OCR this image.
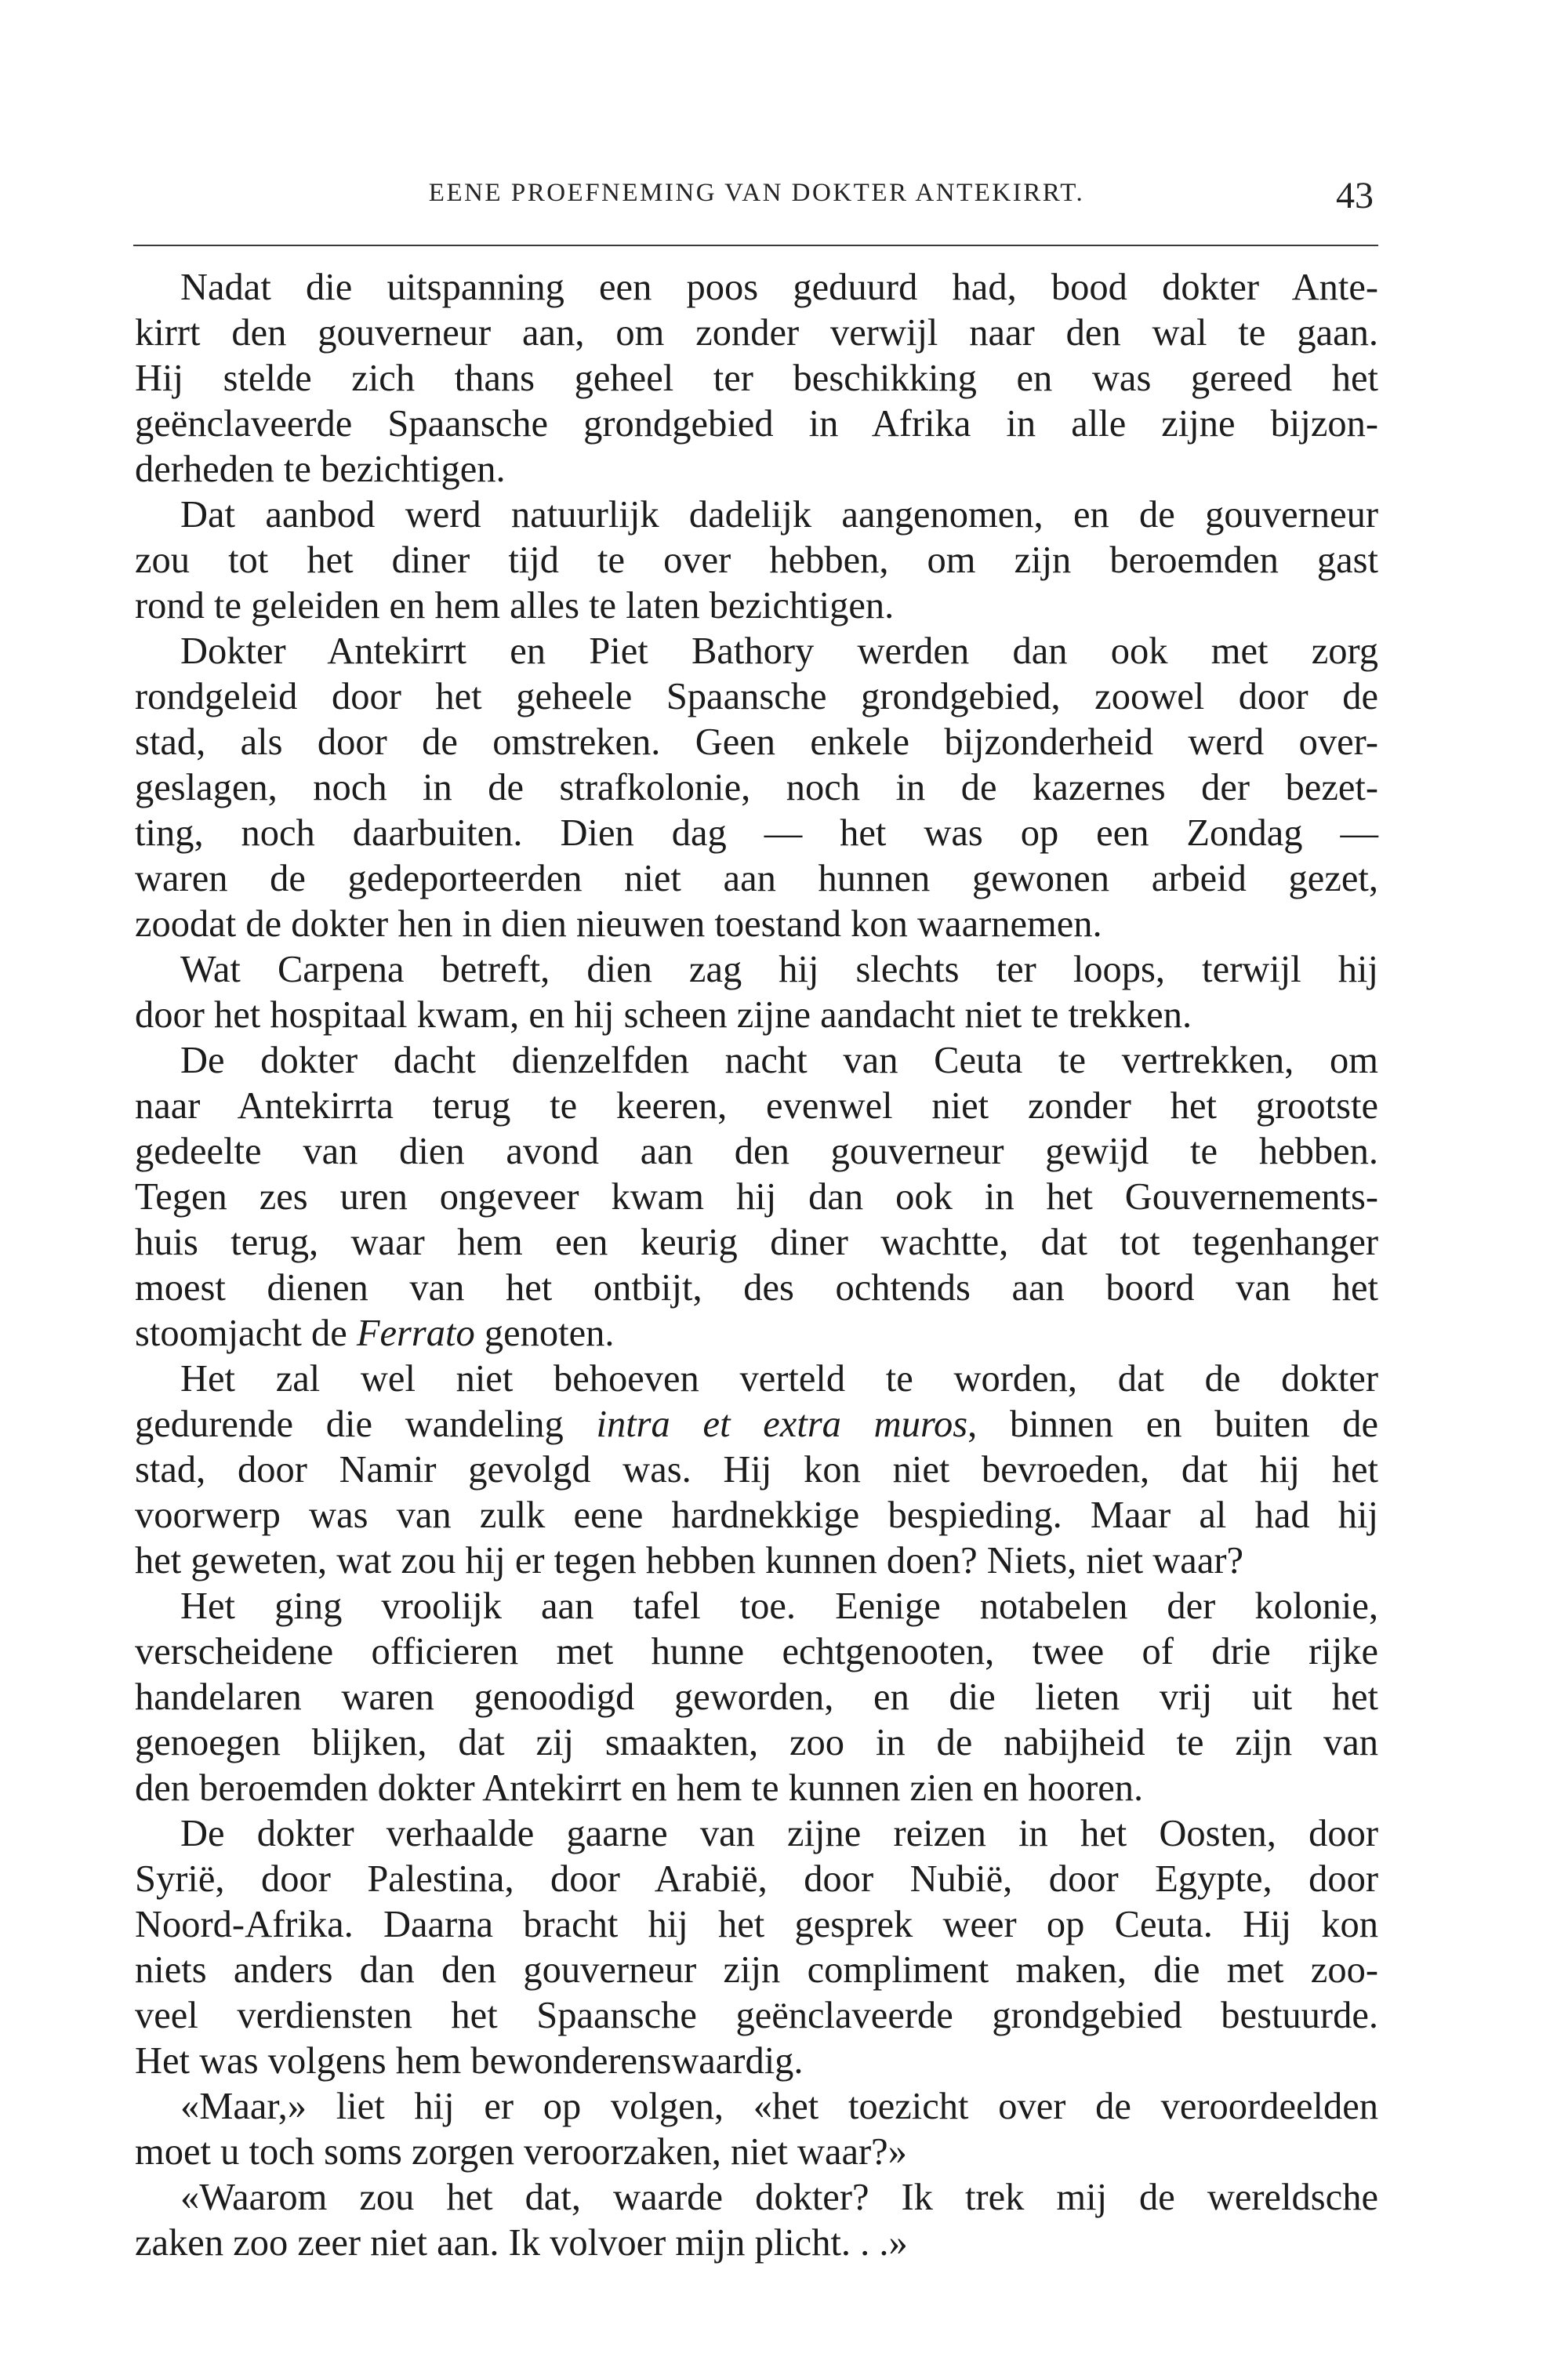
EENE PROEFNEMING VAN DOKTER ANTEKIRRT.	43
Nadat die uitspanning een poos geduurd had, bood dokter Ante-
kirrt den gouverneur aan, om zonder verwijl naar den wal te gaan.
Hij stelde zich thans geheel ter beschikking en was gereed het
geënclaveerde Spaansche grondgebied in Afrika in alle zijne bijzon-
derheden te bezichtigen.
Dat aanbod werd natuurlijk dadelijk aangenomen, en de gouverneur
zou tot het diner tijd te over hebben, om zijn beroemden gast
rond te geleiden en hem alles te laten bezichtigen.
Dokter Antekirrt en Piet Bathory werden dan ook met zorg
rondgeleid door het geheele Spaansche grondgebied, zoowel door de
stad, als door de omstreken. Geen enkele bijzonderheid werd over-
geslagen, noch in de strafkolonie, noch in de kazernes der bezet-
ting, noch daarbuiten. Dien dag — het was op een Zondag —
waren de gedeporteerden niet aan hunnen gewonen arbeid gezet,
zoodat de dokter hen in dien nieuwen toestand kon waarnemen.
Wat Carpena betreft, dien zag hij slechts ter loops, terwijl hij
door het hospitaal kwam, en hij scheen zijne aandacht niet te trekken.
De dokter dacht dienzelfden nacht van Ceuta te vertrekken, om
naar Antekirrta terug te keeren, evenwel niet zonder het grootste
gedeelte van dien avond aan den gouverneur gewijd te hebben.
Tegen zes uren ongeveer kwam hij dan ook in het Gouvernements-
huis terug, waar hem een keurig diner wachtte, dat tot tegenhanger
moest dienen van het ontbijt, des ochtends aan boord van het
stoomjacht de Ferrato genoten.
Het zal wel niet behoeven verteld te worden, dat de dokter
gedurende die wandeling intra et extra muros, binnen en buiten de
stad, door Namir gevolgd was. Hij kon niet bevroeden, dat hij het
voorwerp was van zulk eene hardnekkige bespieding. Maar al had hij
het geweten, wat zou hij er tegen hebben kunnen doen? Niets, niet waar?
Het ging vroolijk aan tafel toe. Eenige notabelen der kolonie,
verscheidene officieren met hunne echtgenooten, twee of drie rijke
handelaren waren genoodigd geworden, en die lieten vrij uit het
genoegen blijken, dat zij smaakten, zoo in de nabijheid te zijn van
den beroemden dokter Antekirrt en hem te kunnen zien en hooren.
De dokter verhaalde gaarne van zijne reizen in het Oosten, door
Syrië, door Palestina, door Arabië, door Nubië, door Egypte, door
Noord-Afrika. Daarna bracht hij het gesprek weer op Ceuta. Hij kon
niets anders dan den gouverneur zijn compliment maken, die met zoo-
veel verdiensten het Spaansche geënclaveerde grondgebied bestuurde.
Het was volgens hem bewonderenswaardig.
«Maar,» liet hij er op volgen, «het toezicht over de veroordeelden
moet u toch soms zorgen veroorzaken, niet waar?»
«Waarom zou het dat, waarde dokter? Ik trek mij de wereldsche
zaken zoo zeer niet aan. Ik volvoer mijn plicht. . .»
